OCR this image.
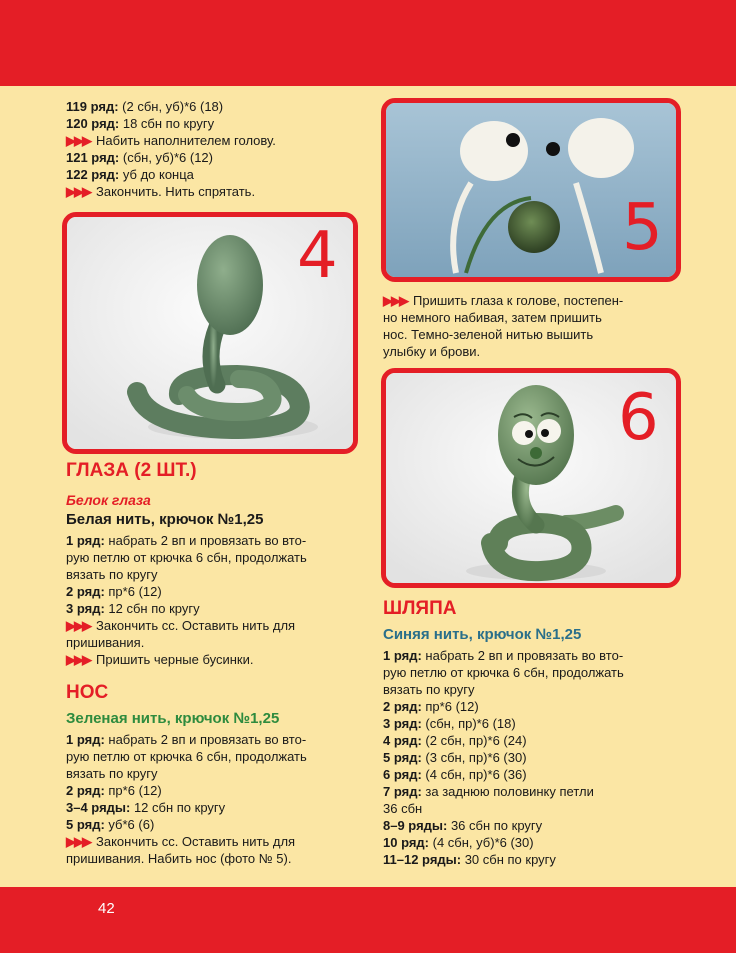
119 ряд: (2 сбн, уб)*6 (18)

120 ряд: 18 сбн по кругу

▶▶▶ Набить наполнителем голову.

121 ряд: (сбн, уб)*6 (12)

122 ряд: уб до конца

▶▶▶ Закончить. Нить спрятать.

4	5

▶▶▶ Пришить глаза к голове, постепен-

но немного набивая, затем пришить

нос. Темно-зеленой нитью вышить

улыбку и брови.

6

ГЛАЗА (2 ШТ.)

Белок глаза

Белая нить, крючок №1,25

1 ряд: набрать 2 вп и провязать во вто-

рую петлю от крючка 6 сбн, продолжать

вязать по кругу

2 ряд: пр*6 (12)

3 ряд: 12 сбн по кругу

▶▶▶ Закончить сс. Оставить нить для

пришивания.

▶▶▶ Пришить черные бусинки.

НОС

Зеленая нить, крючок №1,25

1 ряд: набрать 2 вп и провязать во вто-

рую петлю от крючка 6 сбн, продолжать

вязать по кругу

2 ряд: пр*6 (12)

3–4 ряды: 12 сбн по кругу

5 ряд: уб*6 (6)

▶▶▶ Закончить сс. Оставить нить для

пришивания. Набить нос (фото № 5).

ШЛЯПА

Синяя нить, крючок №1,25

1 ряд: набрать 2 вп и провязать во вто-

рую петлю от крючка 6 сбн, продолжать

вязать по кругу

2 ряд: пр*6 (12)

3 ряд: (сбн, пр)*6 (18)

4 ряд: (2 сбн, пр)*6 (24)

5 ряд: (3 сбн, пр)*6 (30)

6 ряд: (4 сбн, пр)*6 (36)

7 ряд: за заднюю половинку петли

36 сбн

8–9 ряды: 36 сбн по кругу

10 ряд: (4 сбн, уб)*6 (30)

11–12 ряды: 30 сбн по кругу

42
